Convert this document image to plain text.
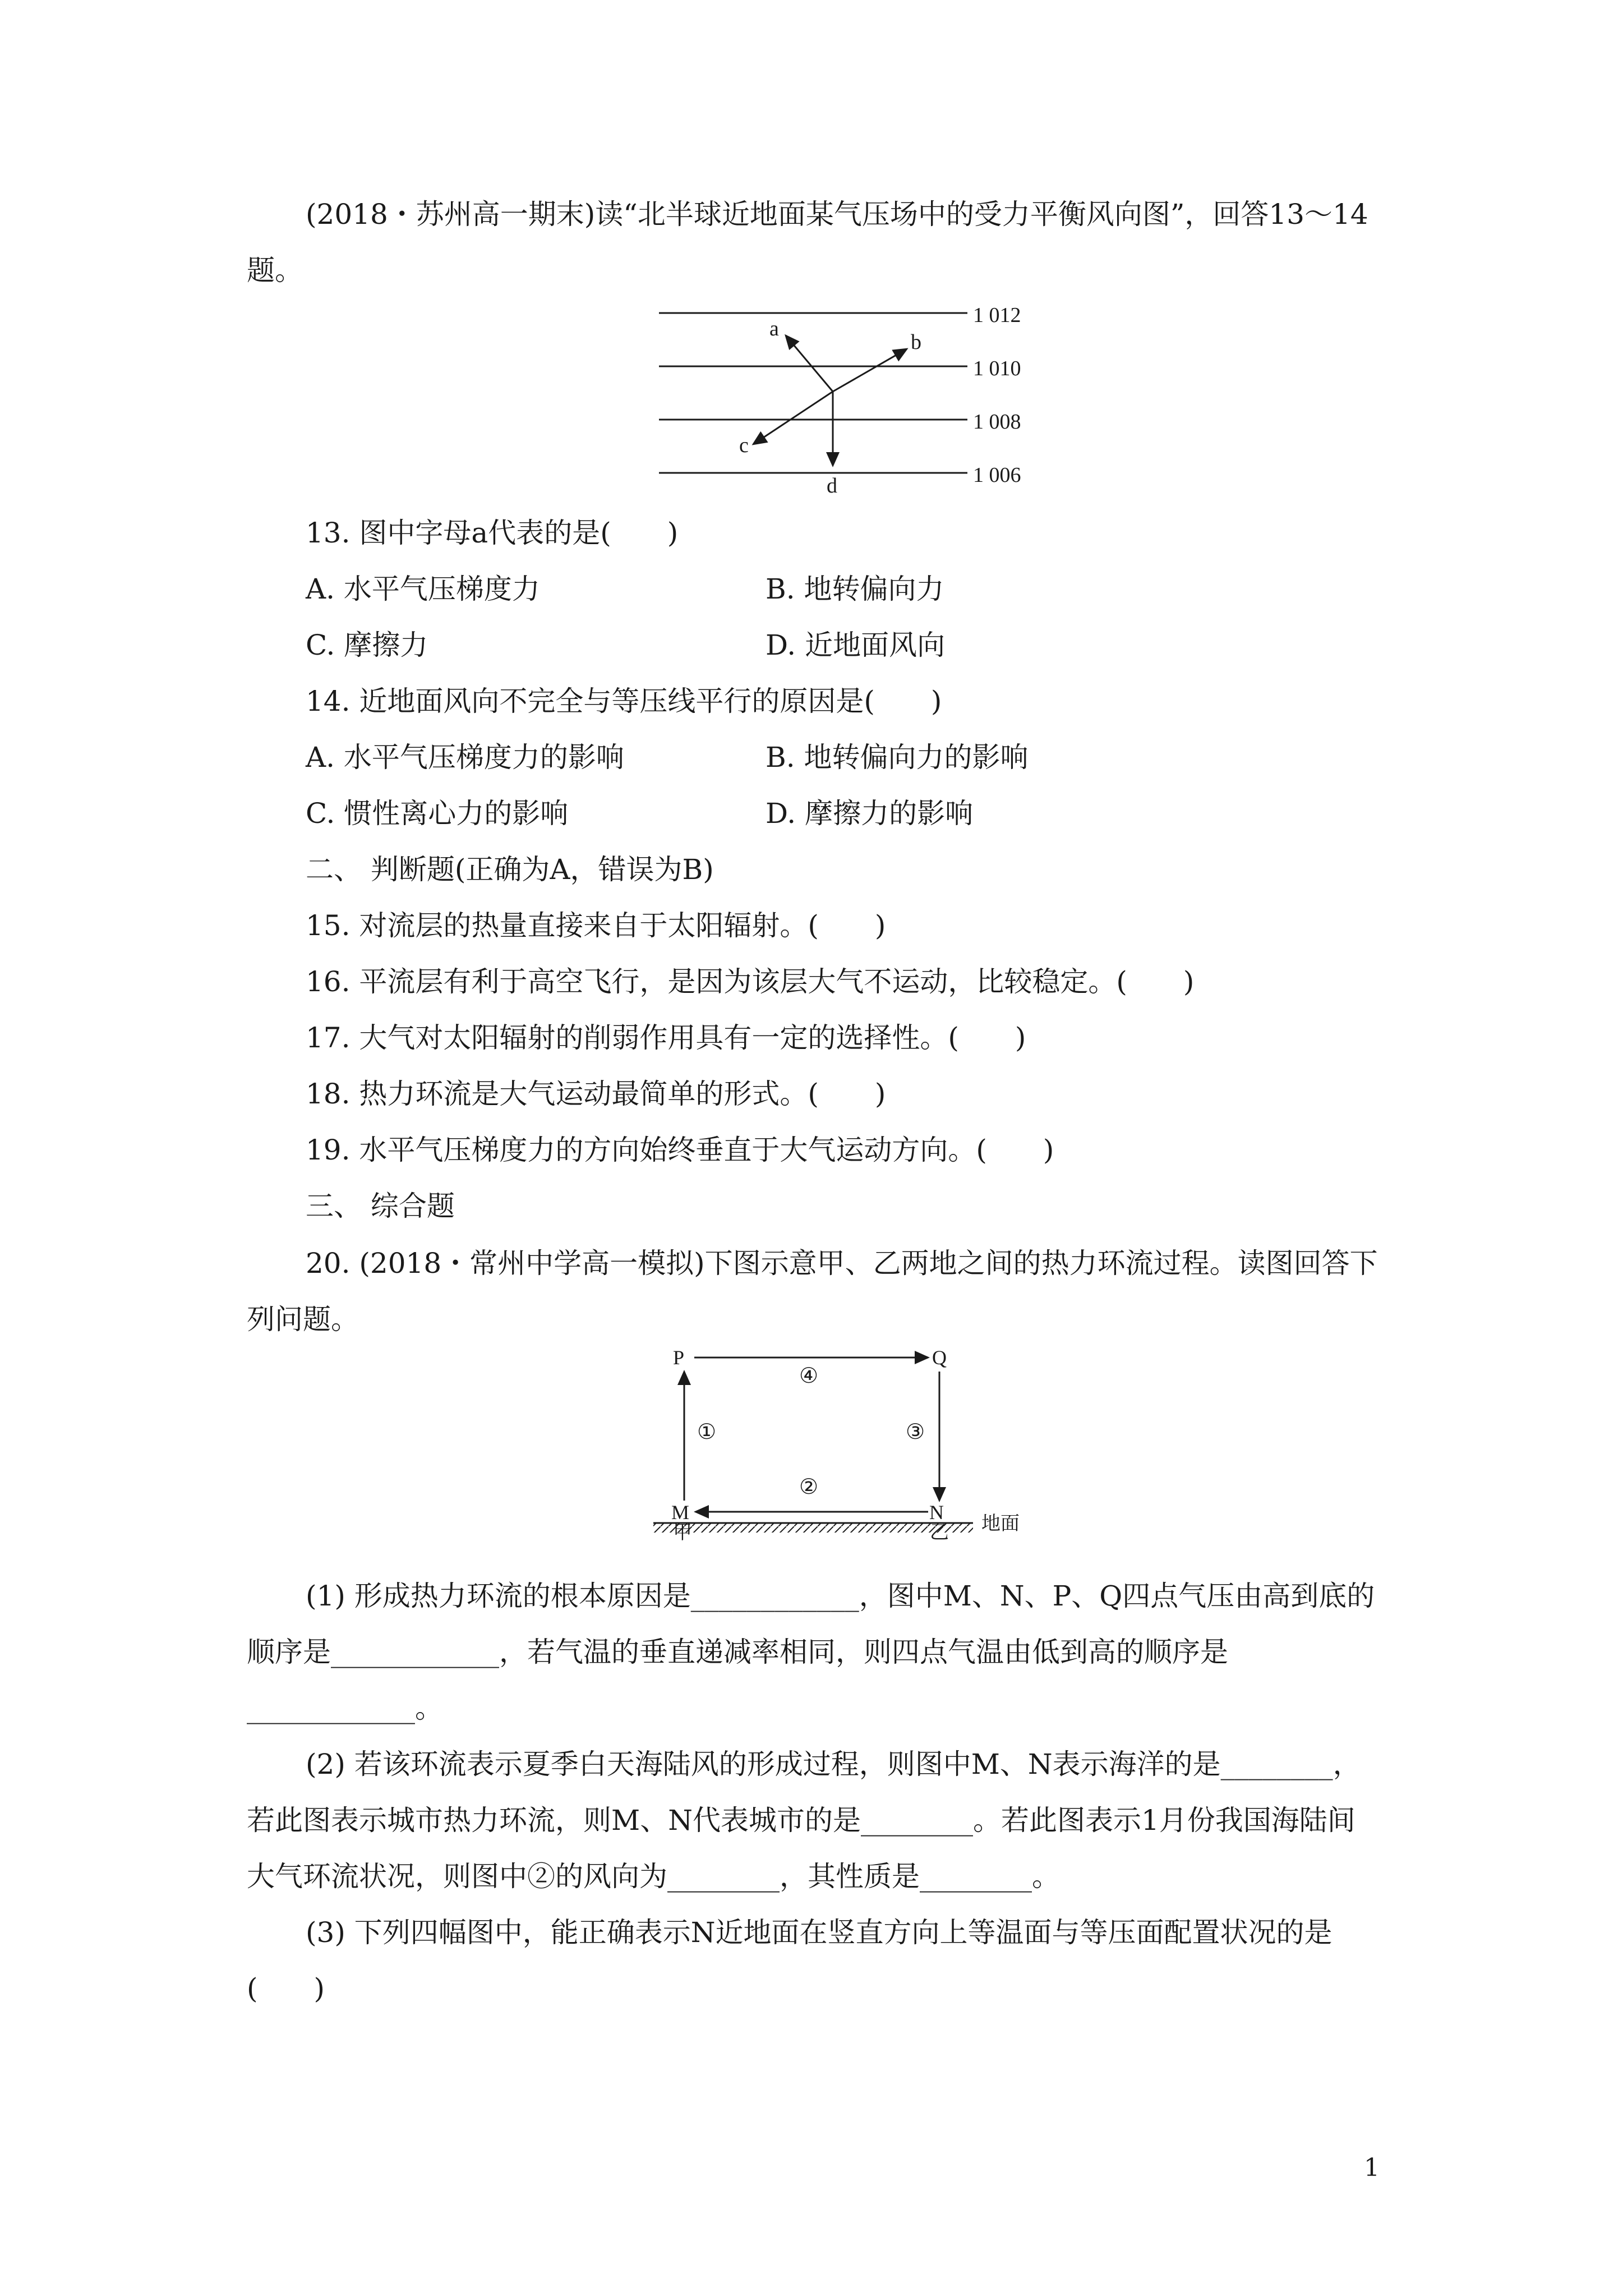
(2018・苏州高一期末)读“北半球近地面某气压场中的受力平衡风向图”，回答13～14
题。
1 012
1 010
1 008
1 006
a
b
c
d
13. 图中字母a代表的是(　　)
A. 水平气压梯度力	B. 地转偏向力
C. 摩擦力	D. 近地面风向
14. 近地面风向不完全与等压线平行的原因是(　　)
A. 水平气压梯度力的影响	B. 地转偏向力的影响
C. 惯性离心力的影响	D. 摩擦力的影响
二、 判断题(正确为A，错误为B)
15. 对流层的热量直接来自于太阳辐射。(　　)
16. 平流层有利于高空飞行，是因为该层大气不运动，比较稳定。(　　)
17. 大气对太阳辐射的削弱作用具有一定的选择性。(　　)
18. 热力环流是大气运动最简单的形式。(　　)
19. 水平气压梯度力的方向始终垂直于大气运动方向。(　　)
三、 综合题
20. (2018・常州中学高一模拟)下图示意甲、乙两地之间的热力环流过程。读图回答下
列问题。
P	Q
M	N
①
②
③
④
甲	乙 地面
(1) 形成热力环流的根本原因是____________，图中M、N、P、Q四点气压由高到底的
顺序是____________，若气温的垂直递减率相同，则四点气温由低到高的顺序是
____________。
(2) 若该环流表示夏季白天海陆风的形成过程，则图中M、N表示海洋的是________，
若此图表示城市热力环流，则M、N代表城市的是________。若此图表示1月份我国海陆间
大气环流状况，则图中②的风向为________，其性质是________。
(3) 下列四幅图中，能正确表示N近地面在竖直方向上等温面与等压面配置状况的是
(　　)
1
